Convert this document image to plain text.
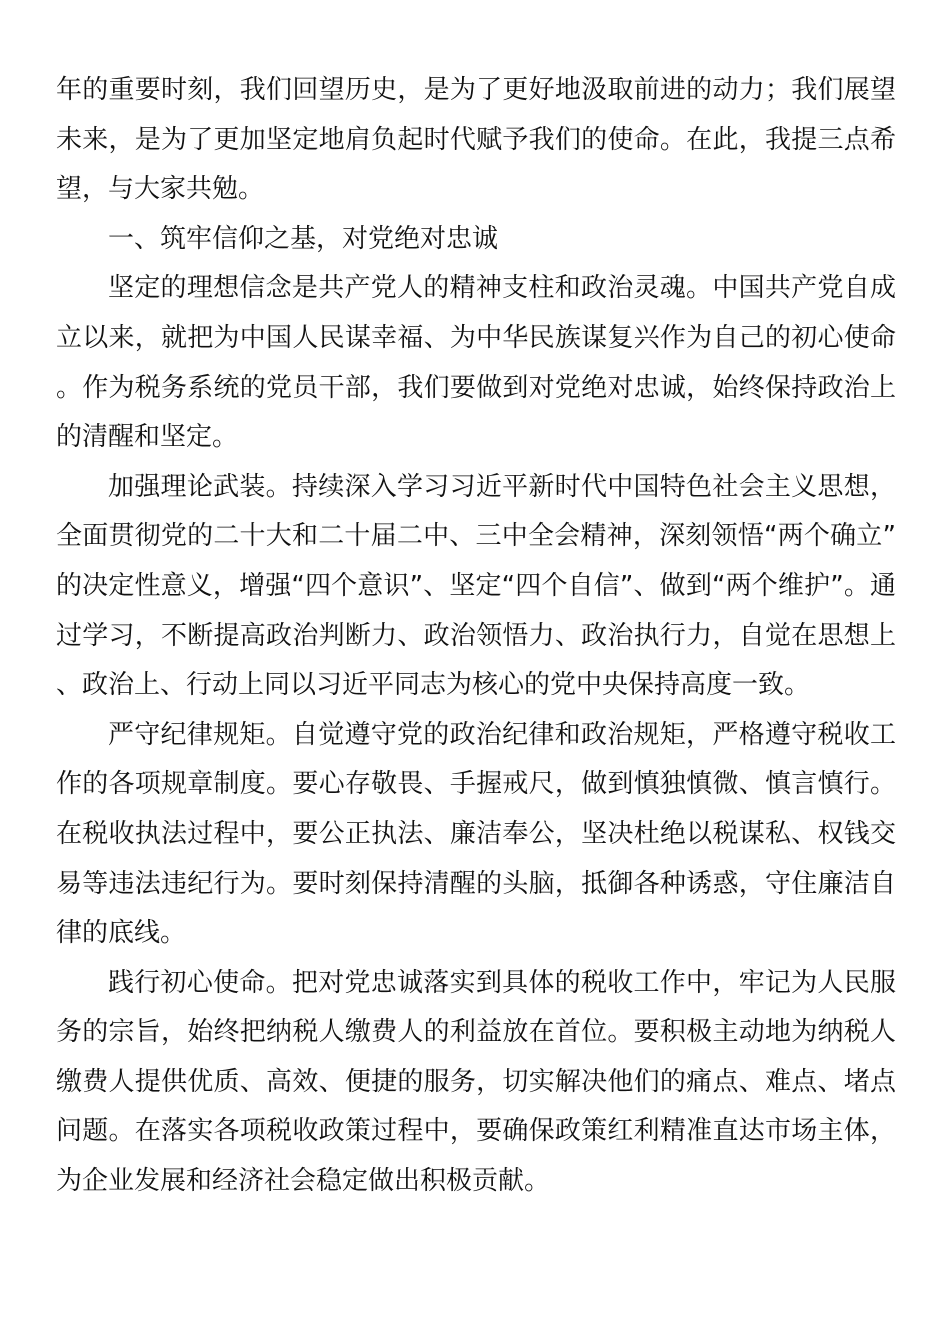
年的重要时刻，我们回望历史，是为了更好地汲取前进的动力；我们展望未来，是为了更加坚定地肩负起时代赋予我们的使命。在此，我提三点希望，与大家共勉。

一、筑牢信仰之基，对党绝对忠诚

坚定的理想信念是共产党人的精神支柱和政治灵魂。中国共产党自成立以来，就把为中国人民谋幸福、为中华民族谋复兴作为自己的初心使命。作为税务系统的党员干部，我们要做到对党绝对忠诚，始终保持政治上的清醒和坚定。

加强理论武装。持续深入学习习近平新时代中国特色社会主义思想，全面贯彻党的二十大和二十届二中、三中全会精神，深刻领悟“两个确立”的决定性意义，增强“四个意识”、坚定“四个自信”、做到“两个维护”。通过学习，不断提高政治判断力、政治领悟力、政治执行力，自觉在思想上、政治上、行动上同以习近平同志为核心的党中央保持高度一致。

严守纪律规矩。自觉遵守党的政治纪律和政治规矩，严格遵守税收工作的各项规章制度。要心存敬畏、手握戒尺，做到慎独慎微、慎言慎行。在税收执法过程中，要公正执法、廉洁奉公，坚决杜绝以税谋私、权钱交易等违法违纪行为。要时刻保持清醒的头脑，抵御各种诱惑，守住廉洁自律的底线。

践行初心使命。把对党忠诚落实到具体的税收工作中，牢记为人民服务的宗旨，始终把纳税人缴费人的利益放在首位。要积极主动地为纳税人缴费人提供优质、高效、便捷的服务，切实解决他们的痛点、难点、堵点问题。在落实各项税收政策过程中，要确保政策红利精准直达市场主体，为企业发展和经济社会稳定做出积极贡献。
